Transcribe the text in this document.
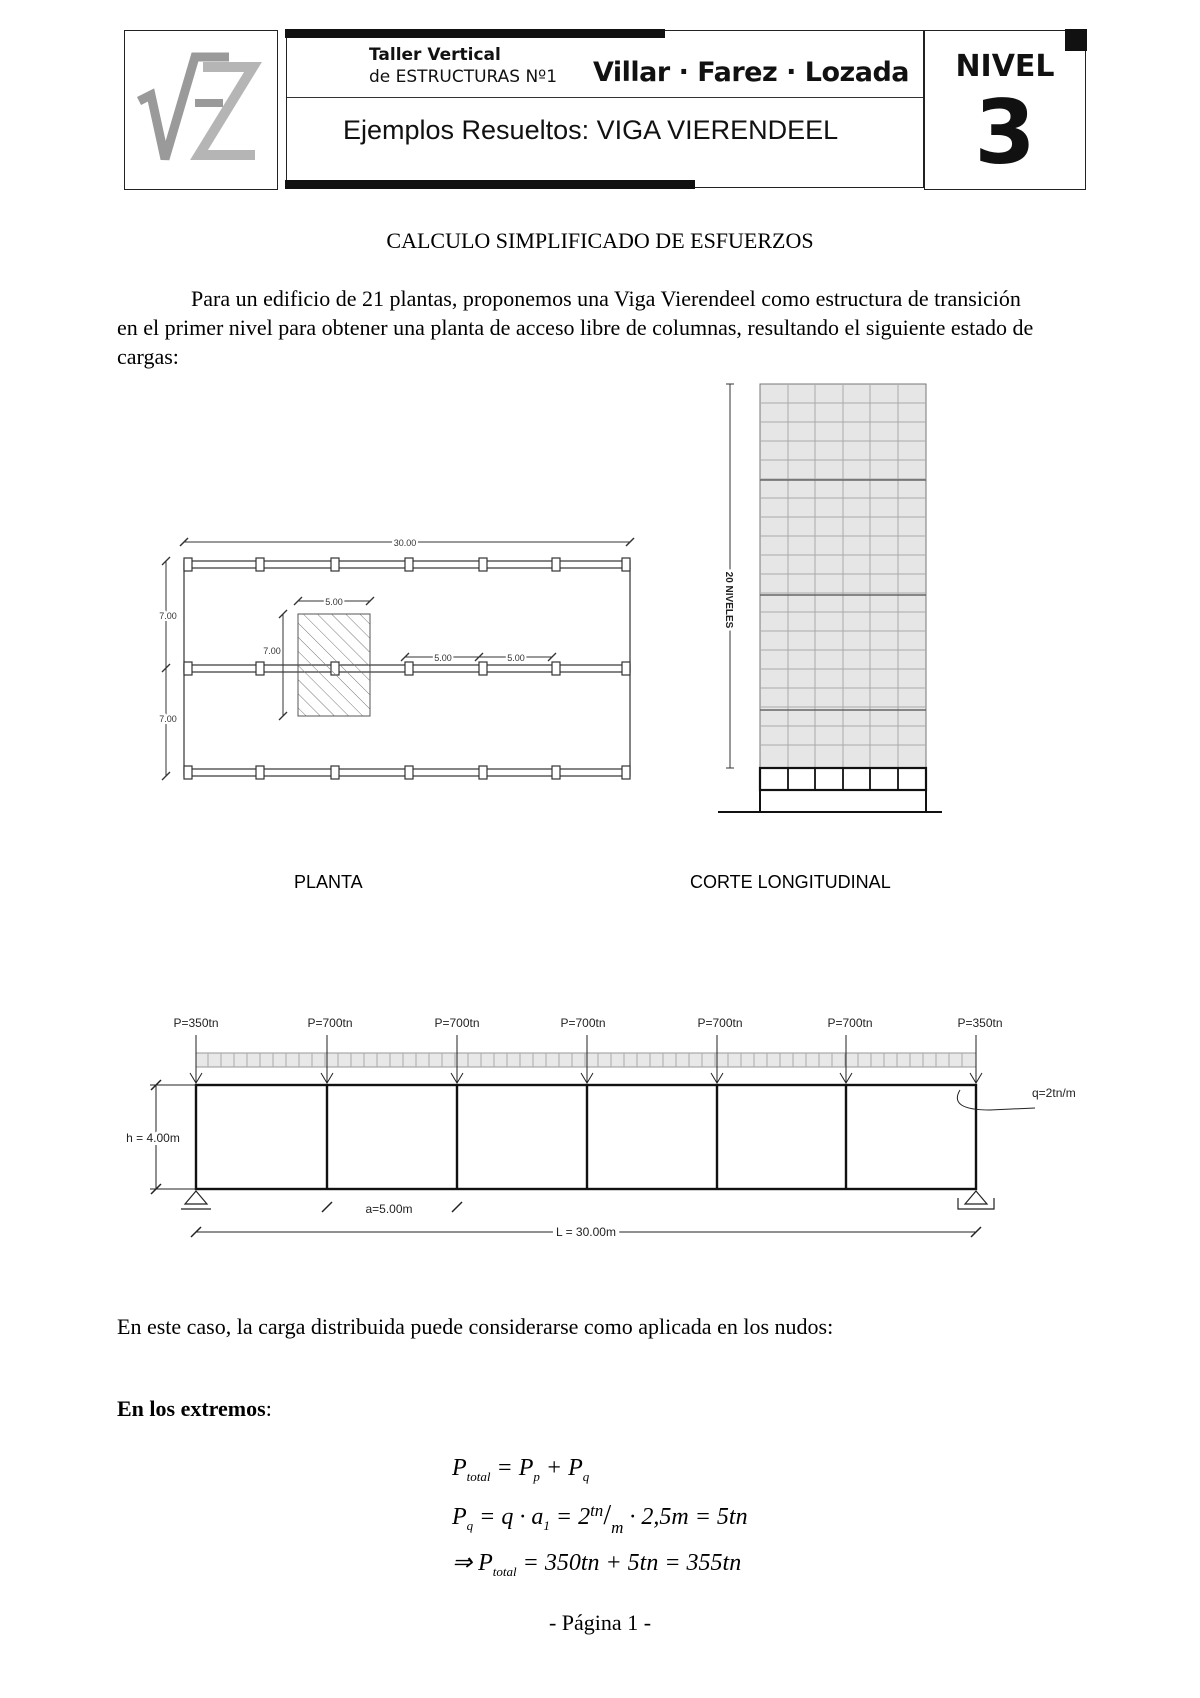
Taller Vertical
de ESTRUCTURAS Nº1 Villar · Farez · Lozada
Ejemplos Resueltos: VIGA VIERENDEEL
NIVEL
3
CALCULO SIMPLIFICADO DE ESFUERZOS
Para un edificio de 21 plantas, proponemos una Viga Vierendeel como estructura de transición en el primer nivel para obtener una planta de acceso libre de columnas, resultando el siguiente estado de cargas:
30.00
5.00
7.00
7.00
7.00
5.00	5.00
20 NIVELES
PLANTA	CORTE LONGITUDINAL
P=350tn	P=700tn	P=700tn	P=700tn	P=700tn	P=700tn	P=350tn
q=2tn/m
h = 4.00m
a=5.00m
L = 30.00m
En este caso, la carga distribuida puede considerarse como aplicada en los nudos:
En los extremos:
$P_{total} = P_p + P_q$
$P_q = q \cdot a_1 = 2^{tn}/_m \cdot 2,5m = 5tn$
⇒ $P_{total} = 350tn + 5tn = 355tn$
- Página 1 -
